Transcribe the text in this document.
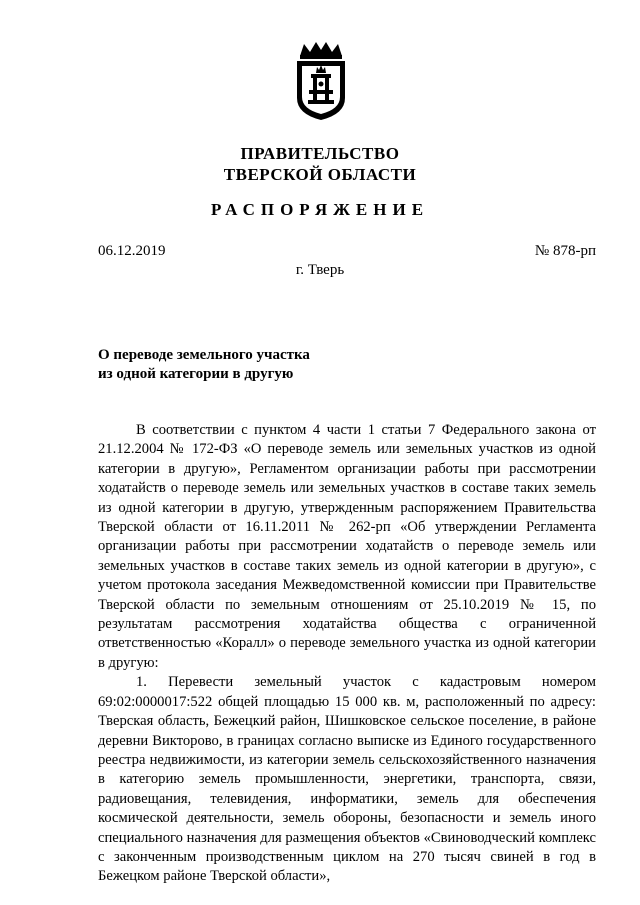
ПРАВИТЕЛЬСТВО
ТВЕРСКОЙ ОБЛАСТИ
РАСПОРЯЖЕНИЕ
06.12.2019	№ 878-рп
г. Тверь
О переводе земельного участка
из одной категории в другую

В соответствии с пунктом 4 части 1 статьи 7 Федерального закона от 21.12.2004 № 172-ФЗ «О переводе земель или земельных участков из одной категории в другую», Регламентом организации работы при рассмотрении ходатайств о переводе земель или земельных участков в составе таких земель из одной категории в другую, утвержденным распоряжением Правительства Тверской области от 16.11.2011 № 262-рп «Об утверждении Регламента организации работы при рассмотрении ходатайств о переводе земель или земельных участков в составе таких земель из одной категории в другую», с учетом протокола заседания Межведомственной комиссии при Правительстве Тверской области по земельным отношениям от 25.10.2019 № 15, по результатам рассмотрения ходатайства общества с ограниченной ответственностью «Коралл» о переводе земельного участка из одной категории в другую:

1. Перевести земельный участок с кадастровым номером 69:02:0000017:522 общей площадью 15 000 кв. м, расположенный по адресу: Тверская область, Бежецкий район, Шишковское сельское поселение, в районе деревни Викторово, в границах согласно выписке из Единого государственного реестра недвижимости, из категории земель сельскохозяйственного назначения в категорию земель промышленности, энергетики, транспорта, связи, радиовещания, телевидения, информатики, земель для обеспечения космической деятельности, земель обороны, безопасности и земель иного специального назначения для размещения объектов «Свиноводческий комплекс с законченным производственным циклом на 270 тысяч свиней в год в Бежецком районе Тверской области»,
